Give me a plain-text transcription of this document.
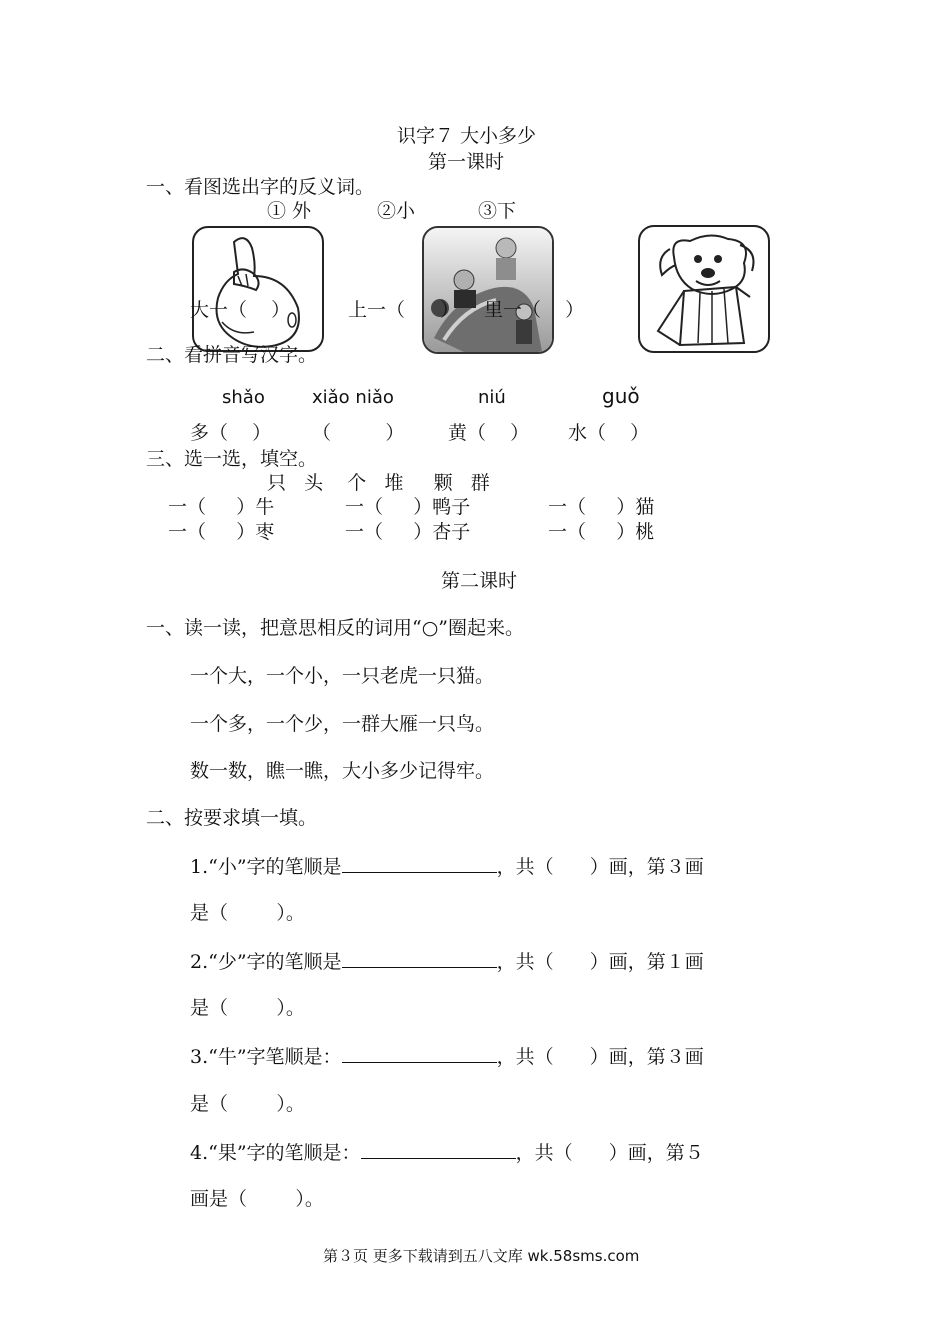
识字７ 大小多少
第一课时
一、看图选出字的反义词。
① 外	②小	③下
大一（    ）	上一（ ） 里一（    ）
二、看拼音写汉字。
shǎo	xiǎo niǎo	niú	guǒ
多（    ） （         ） 黄（    ） 水（    ）
三、选一选，填空。
只   头    个   堆     颗   群
一（     ）牛	一（     ）鸭子	一（     ）猫
一（     ）枣	一（     ）杏子	一（     ）桃
第二课时
一、读一读，把意思相反的词用“○”圈起来。
一个大，一个小，一只老虎一只猫。
一个多，一个少，一群大雁一只鸟。
数一数，瞧一瞧，大小多少记得牢。
二、按要求填一填。
1.“小”字的笔顺是	，共（      ）画，第３画
是（        ）。
2.“少”字的笔顺是	，共（      ）画，第１画
是（        ）。
3.“牛”字笔顺是：	，共（      ）画，第３画
是（        ）。
4.“果”字的笔顺是：	，共（      ）画，第５
画是（        ）。
第３页 更多下载请到五八文库 wk.58sms.com
